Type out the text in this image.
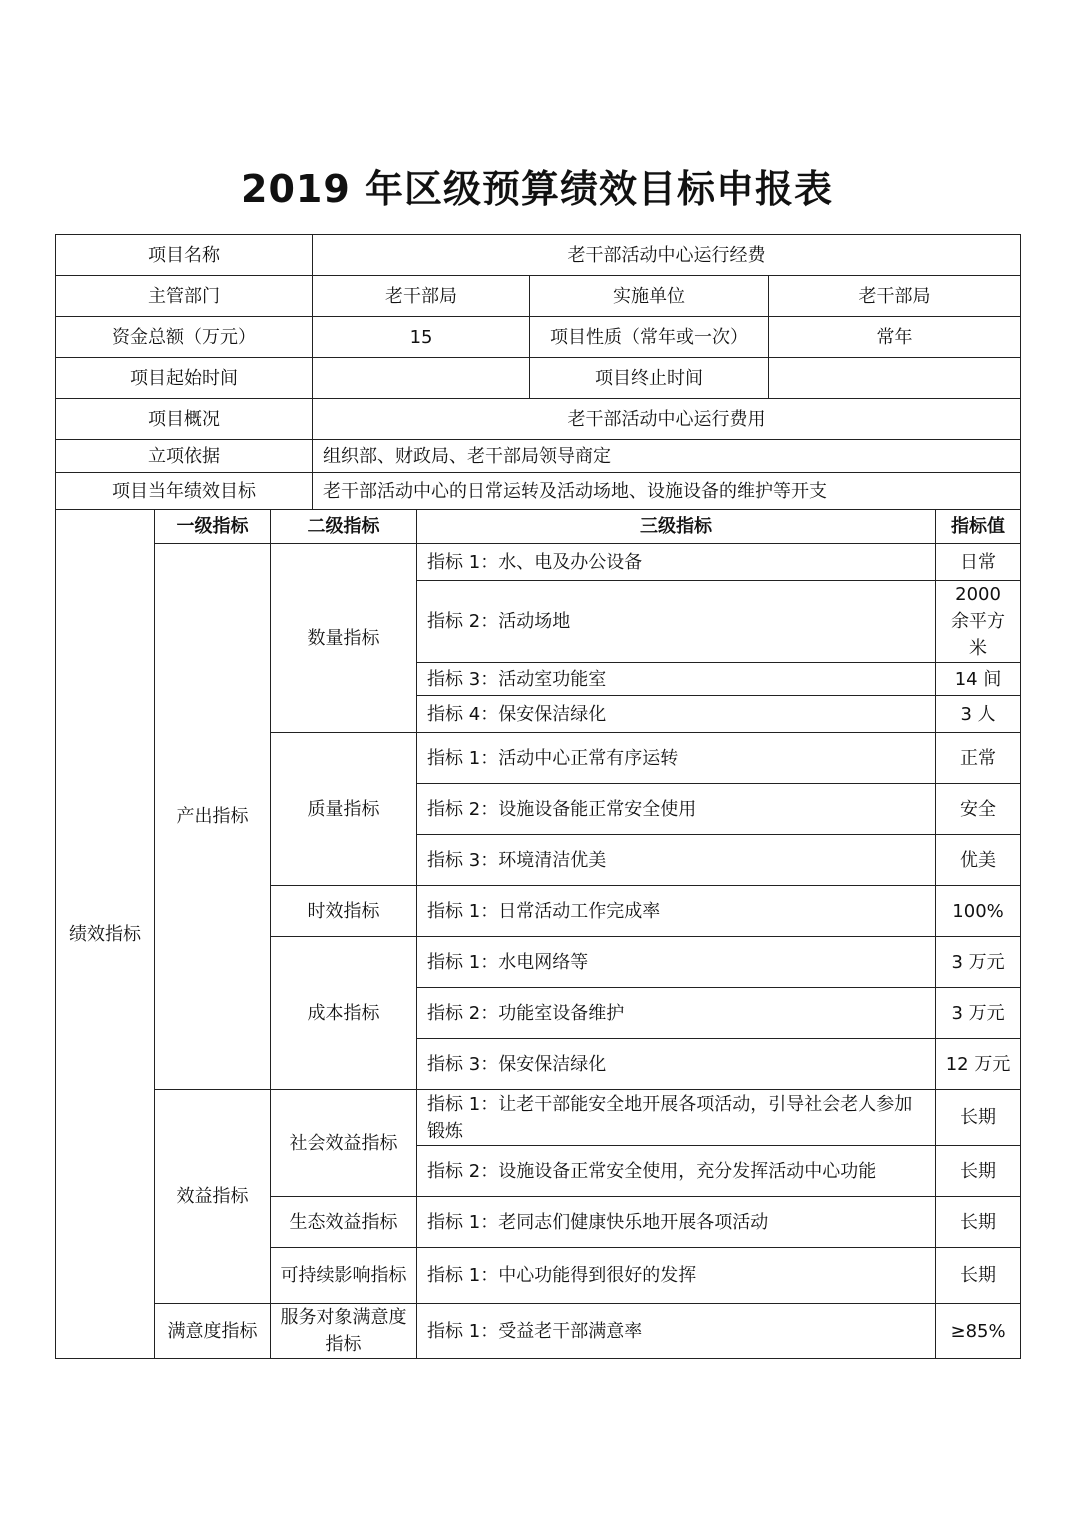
2019 年区级预算绩效目标申报表
项目名称			老干部活动中心运行经费				
主管部门			老干部局		实施单位	老干部局	
资金总额（万元）			15		项目性质（常年或一次）	常年	
项目起始时间					项目终止时间		
项目概况			老干部活动中心运行费用				
立项依据			组织部、财政局、老干部局领导商定				
项目当年绩效目标			老干部活动中心的日常运转及活动场地、设施设备的维护等开支				
绩效指标	一级指标	二级指标		三级指标			指标值
	产出指标	数量指标		指标 1：水、电及办公设备			日常
				指标 2：活动场地			2000 余平方米
				指标 3：活动室功能室			14 间
				指标 4：保安保洁绿化			3 人
		质量指标		指标 1：活动中心正常有序运转			正常
				指标 2：设施设备能正常安全使用			安全
				指标 3：环境清洁优美			优美
		时效指标		指标 1：日常活动工作完成率			100%
		成本指标		指标 1：水电网络等			3 万元
				指标 2：功能室设备维护			3 万元
				指标 3：保安保洁绿化			12 万元
	效益指标	社会效益指标		指标 1：让老干部能安全地开展各项活动，引导社会老人参加锻炼			长期
				指标 2：设施设备正常安全使用，充分发挥活动中心功能			长期
		生态效益指标		指标 1：老同志们健康快乐地开展各项活动			长期
		可持续影响指标		指标 1：中心功能得到很好的发挥			长期
	满意度指标	服务对象满意度指标		指标 1：受益老干部满意率			≥85%
